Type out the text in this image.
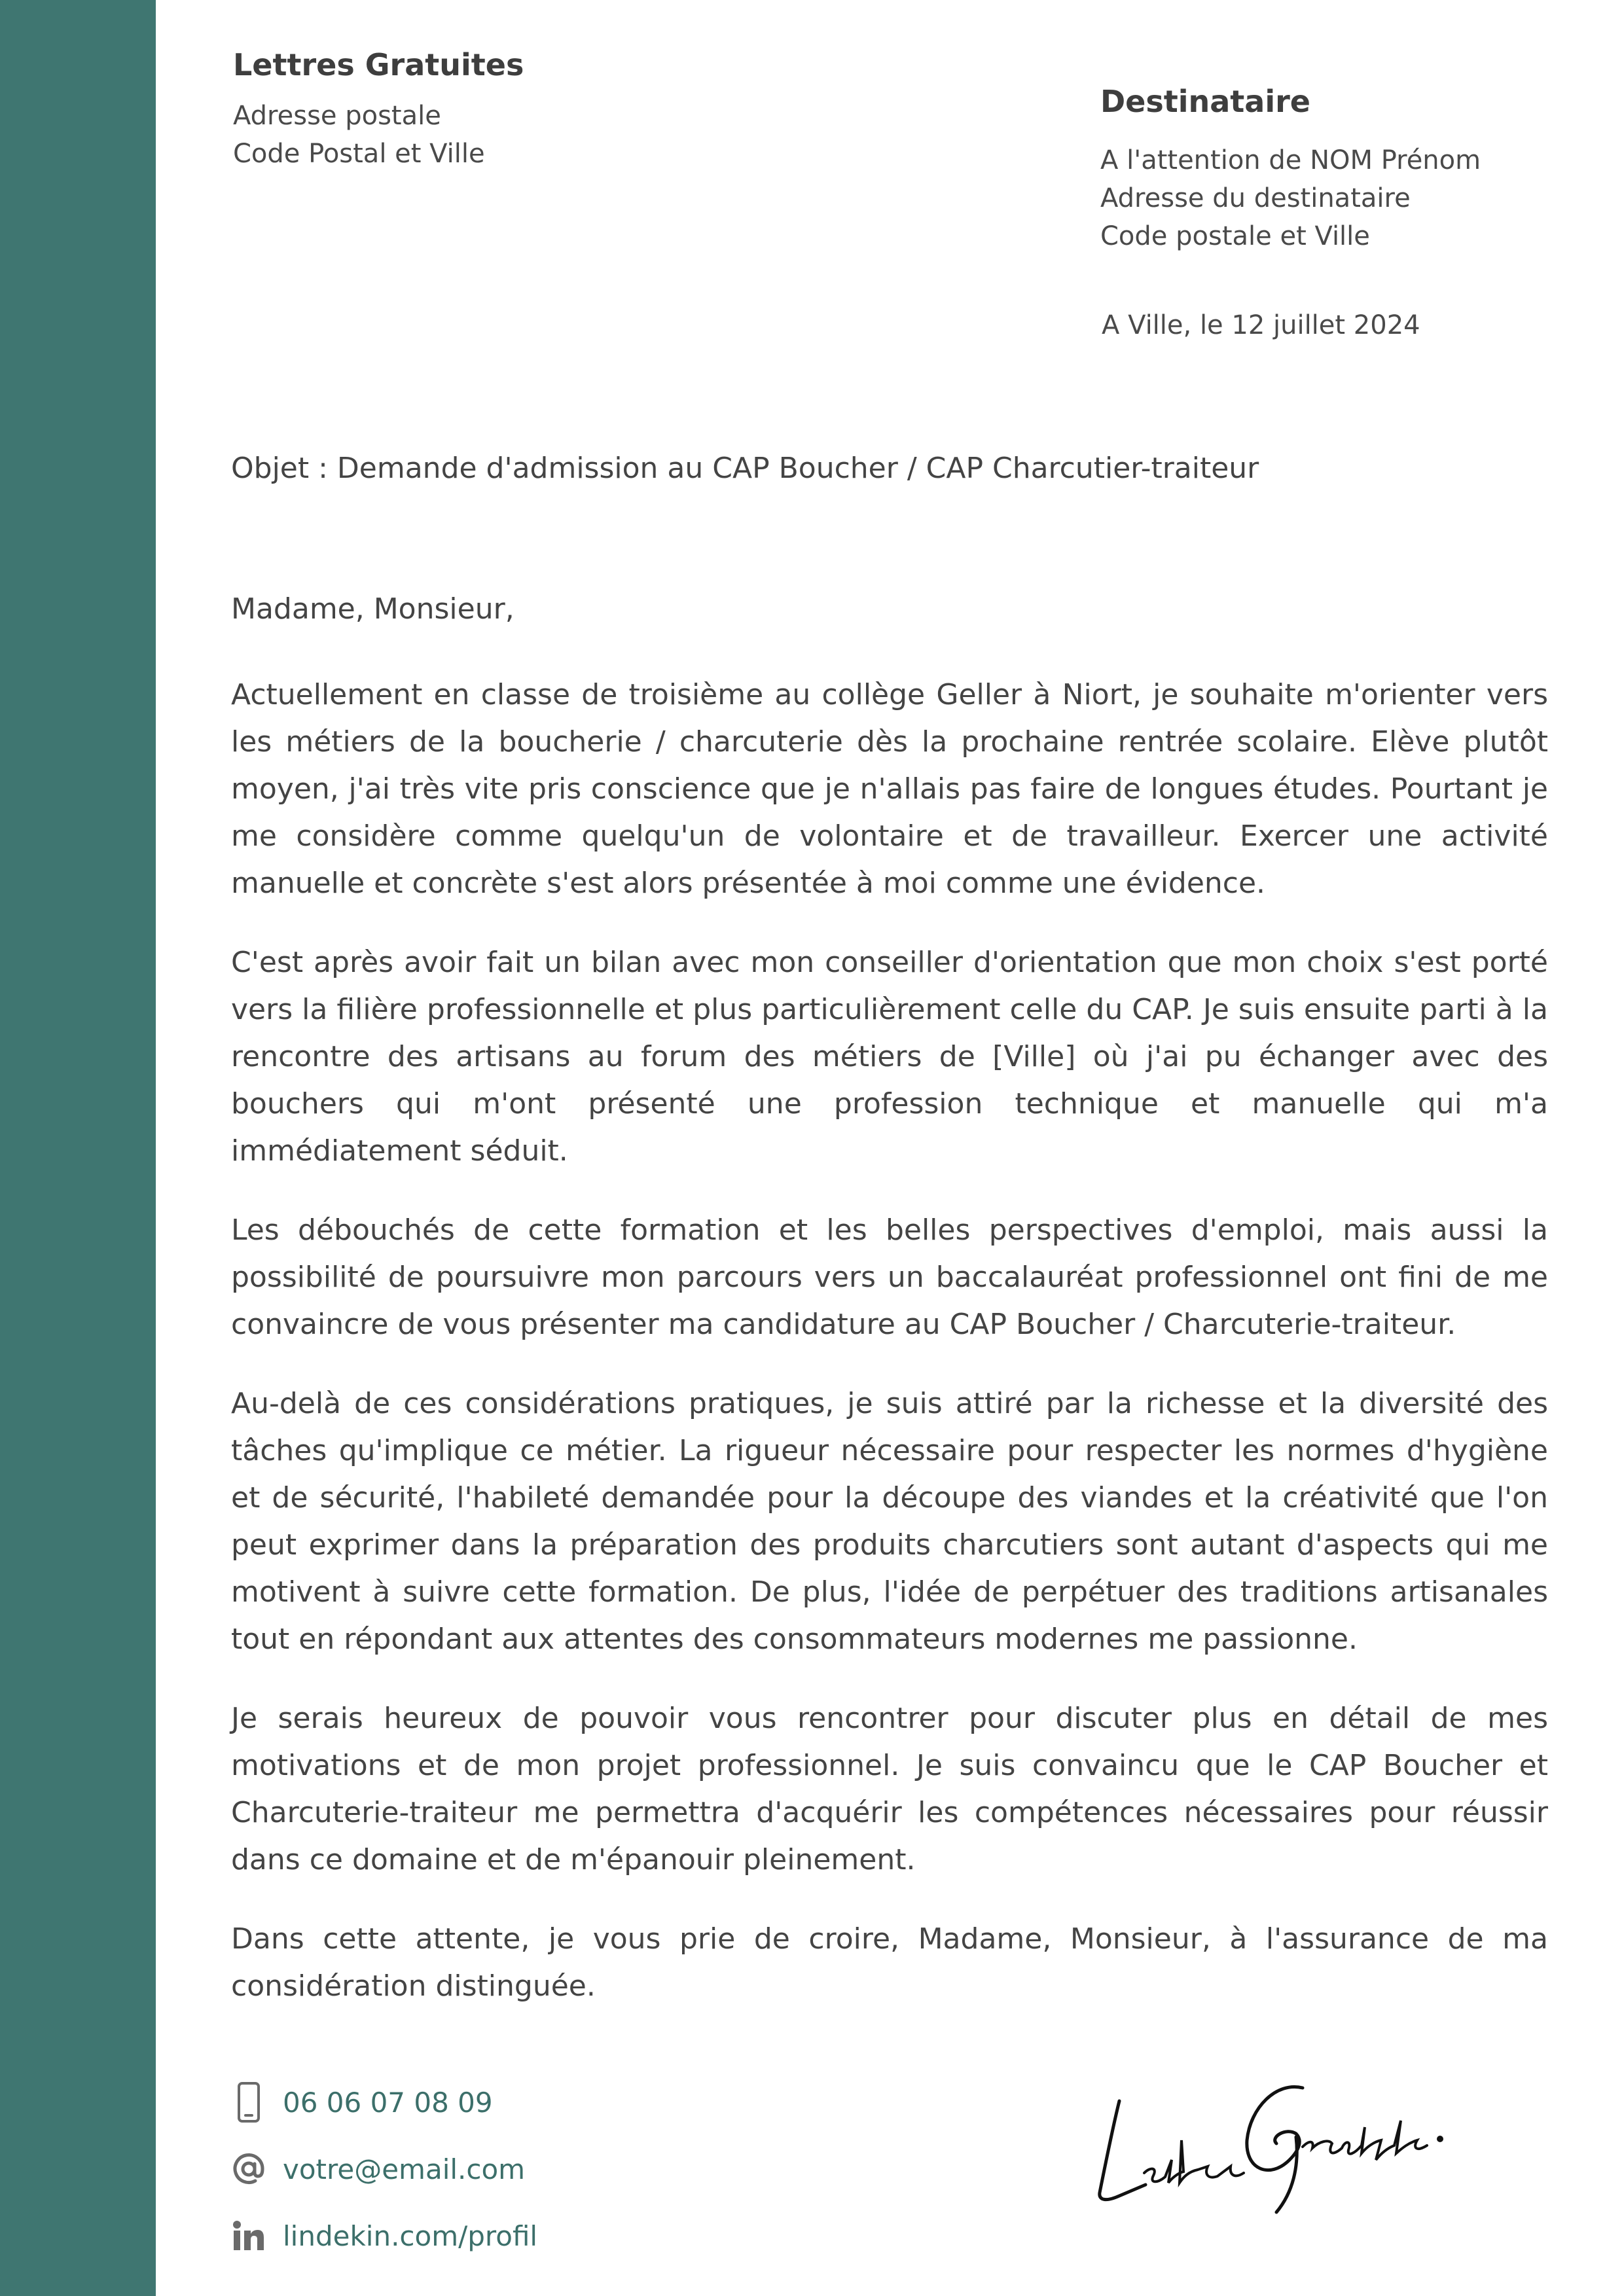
Lettres Gratuites
Adresse postale
Code Postal et Ville
Destinataire
A l'attention de NOM Prénom
Adresse du destinataire
Code postale et Ville
A Ville, le 12 juillet 2024
Objet : Demande d'admission au CAP Boucher / CAP Charcutier-traiteur
Madame, Monsieur,

Actuellement en classe de troisième au collège Geller à Niort, je souhaite m'orienter vers les métiers de la boucherie / charcuterie dès la prochaine rentrée scolaire. Elève plutôt moyen, j'ai très vite pris conscience que je n'allais pas faire de longues études. Pourtant je me considère comme quelqu'un de volontaire et de travailleur. Exercer une activité manuelle et concrète s'est alors présentée à moi comme une évidence.

C'est après avoir fait un bilan avec mon conseiller d'orientation que mon choix s'est porté vers la filière professionnelle et plus particulièrement celle du CAP. Je suis ensuite parti à la rencontre des artisans au forum des métiers de [Ville] où j'ai pu échanger avec des bouchers qui m'ont présenté une profession technique et manuelle qui m'a immédiatement séduit.

Les débouchés de cette formation et les belles perspectives d'emploi, mais aussi la possibilité de poursuivre mon parcours vers un baccalauréat professionnel ont fini de me convaincre de vous présenter ma candidature au CAP Boucher / Charcuterie-traiteur.

Au-delà de ces considérations pratiques, je suis attiré par la richesse et la diversité des tâches qu'implique ce métier. La rigueur nécessaire pour respecter les normes d'hygiène et de sécurité, l'habileté demandée pour la découpe des viandes et la créativité que l'on peut exprimer dans la préparation des produits charcutiers sont autant d'aspects qui me motivent à suivre cette formation. De plus, l'idée de perpétuer des traditions artisanales tout en répondant aux attentes des consommateurs modernes me passionne.

Je serais heureux de pouvoir vous rencontrer pour discuter plus en détail de mes motivations et de mon projet professionnel. Je suis convaincu que le CAP Boucher et Charcuterie-traiteur me permettra d'acquérir les compétences nécessaires pour réussir dans ce domaine et de m'épanouir pleinement.

Dans cette attente, je vous prie de croire, Madame, Monsieur, à l'assurance de ma considération distinguée.

06 06 07 08 09
votre@email.com
lindekin.com/profil
